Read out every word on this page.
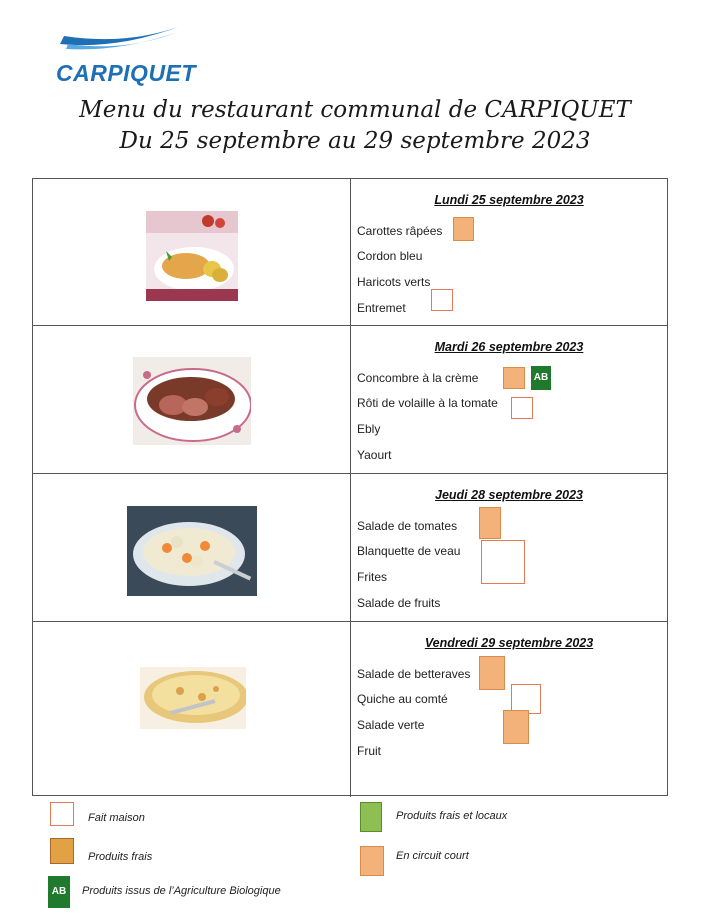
CARPIQUET
Menu du restaurant communal de CARPIQUET
Du 25 septembre au 29 septembre 2023
Lundi 25 septembre 2023
Carottes râpées
Cordon bleu
Haricots verts
Entremet
Mardi 26 septembre 2023
Concombre à la crème
Rôti de volaille à la tomate
Ebly
Yaourt
AB
Jeudi 28 septembre 2023
Salade de tomates
Blanquette de veau
Frites
Salade de fruits
Vendredi 29 septembre 2023
Salade de betteraves
Quiche au comté
Salade verte
Fruit
Fait maison	Produits frais et locaux
Produits frais	En circuit court
AB	Produits issus de l’Agriculture Biologique
